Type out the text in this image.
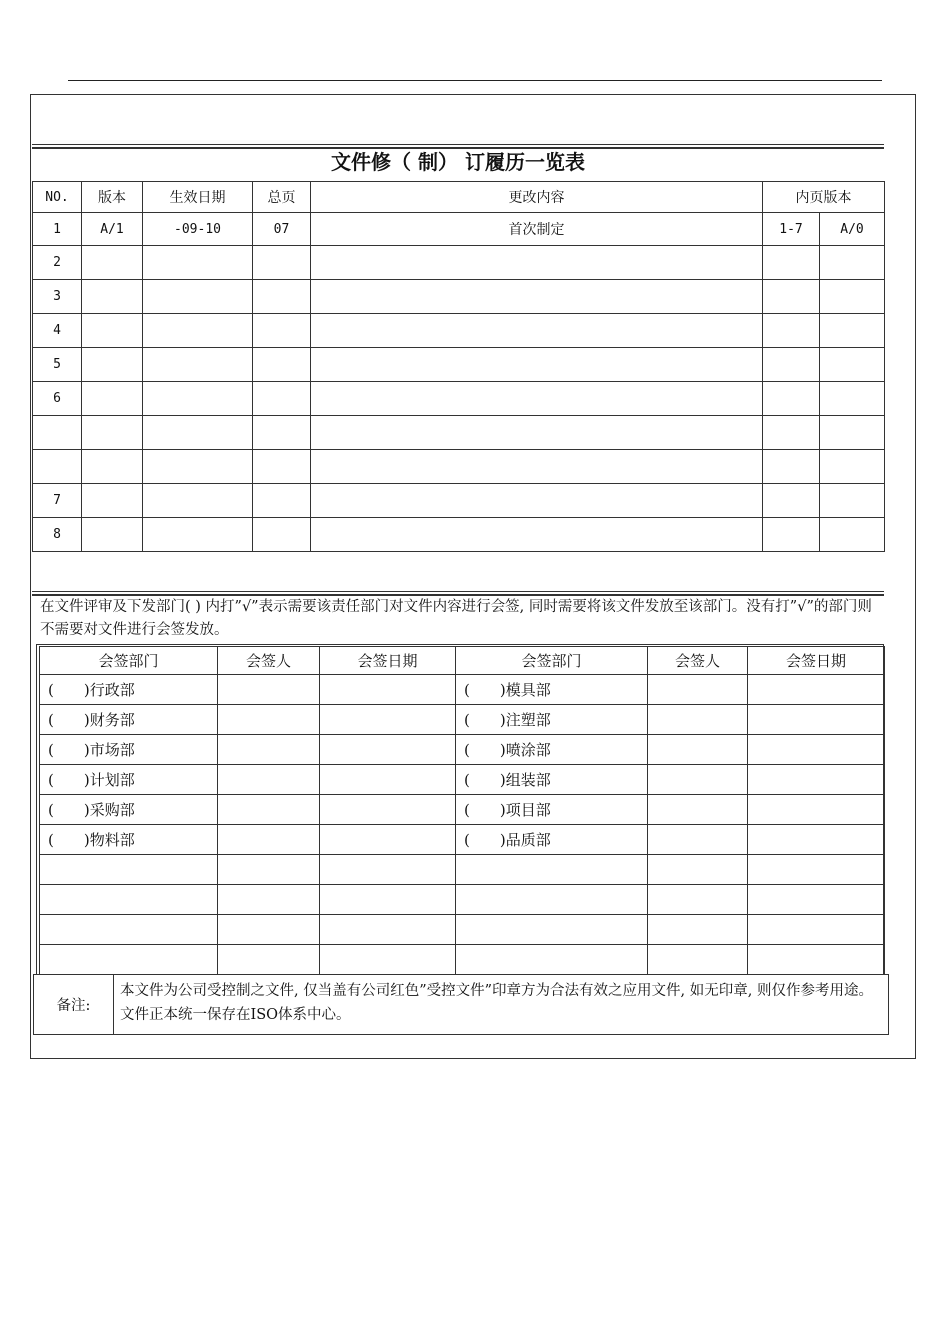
文件修（ 制） 订履历一览表
NO.	版本	生效日期	总页	更改内容	内页版本	
1	A/1	-09-10	07	首次制定	1-7	A/0
2						
3						
4						
5						
6						

7						
8						
在文件评审及下发部门( ) 内打”√”表示需要该责任部门对文件内容进行会签, 同时需要将该文件发放至该部门。没有打”√”的部门则不需要对文件进行会签发放。
会签部门	会签人	会签日期	会签部门	会签人	会签日期
(　　)行政部			(　　)模具部		
(　　)财务部			(　　)注塑部		
(　　)市场部			(　　)喷涂部		
(　　)计划部			(　　)组装部		
(　　)采购部			(　　)项目部		
(　　)物料部			(　　)品质部		

备注:	本文件为公司受控制之文件, 仅当盖有公司红色”受控文件”印章方为合法有效之应用文件, 如无印章, 则仅作参考用途。文件正本统一保存在ISO体系中心。
